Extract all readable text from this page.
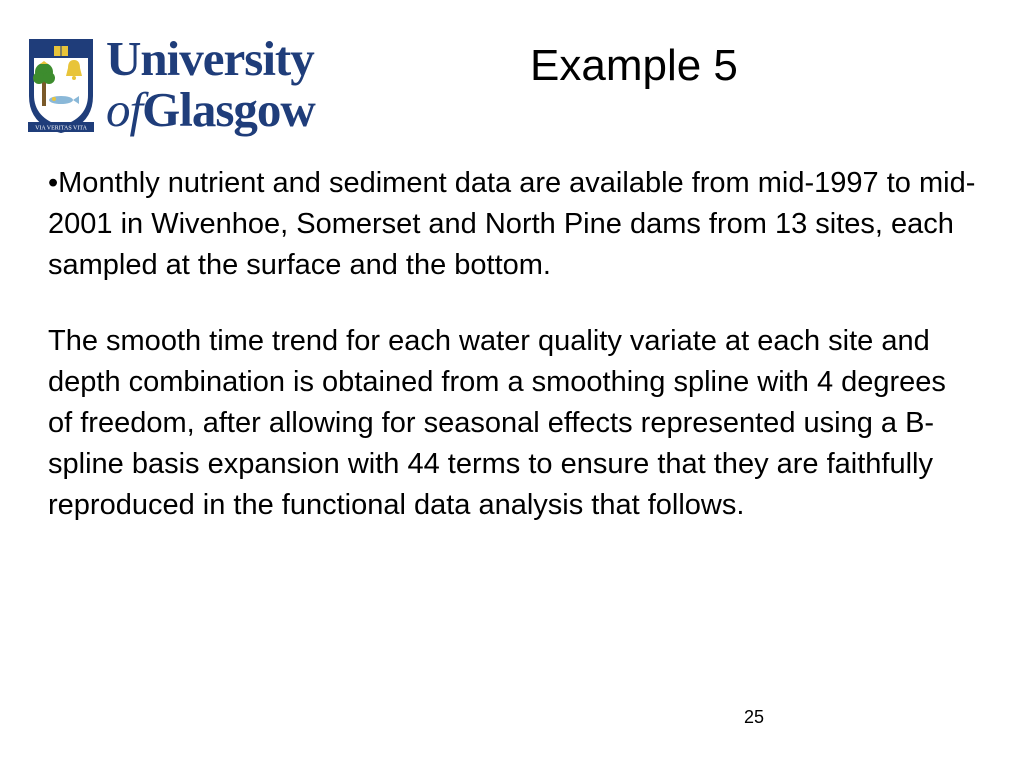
VIA VERITAS VITA
University
ofGlasgow
Example 5

•Monthly nutrient and sediment data are available from mid-1997 to mid-2001 in Wivenhoe, Somerset and North Pine dams from 13 sites, each sampled at the surface and the bottom.

The smooth time trend for each water quality variate at each site and depth combination is obtained from a smoothing spline with 4 degrees of freedom, after allowing for seasonal effects represented using a B-spline basis expansion with 44 terms to ensure that they are faithfully reproduced in the functional data analysis that follows.

25
